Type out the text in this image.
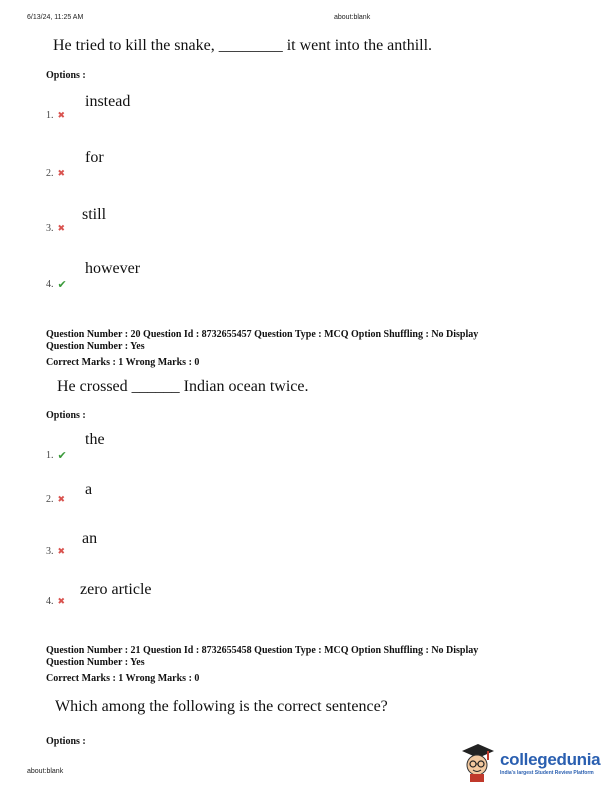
6/13/24, 11:25 AM	about:blank
He tried to kill the snake, ________ it went into the anthill.
Options :
instead
1. ✖
for
2. ✖
still
3. ✖
however
4. ✔
Question Number : 20 Question Id : 8732655457 Question Type : MCQ Option Shuffling : No Display
Question Number : Yes
Correct Marks : 1 Wrong Marks : 0
He crossed ______ Indian ocean twice.
Options :
the
1. ✔
a
2. ✖
an
3. ✖
zero article
4. ✖
Question Number : 21 Question Id : 8732655458 Question Type : MCQ Option Shuffling : No Display
Question Number : Yes
Correct Marks : 1 Wrong Marks : 0
Which among the following is the correct sentence?
Options :
about:blank
collegedunia
India's largest Student Review Platform
